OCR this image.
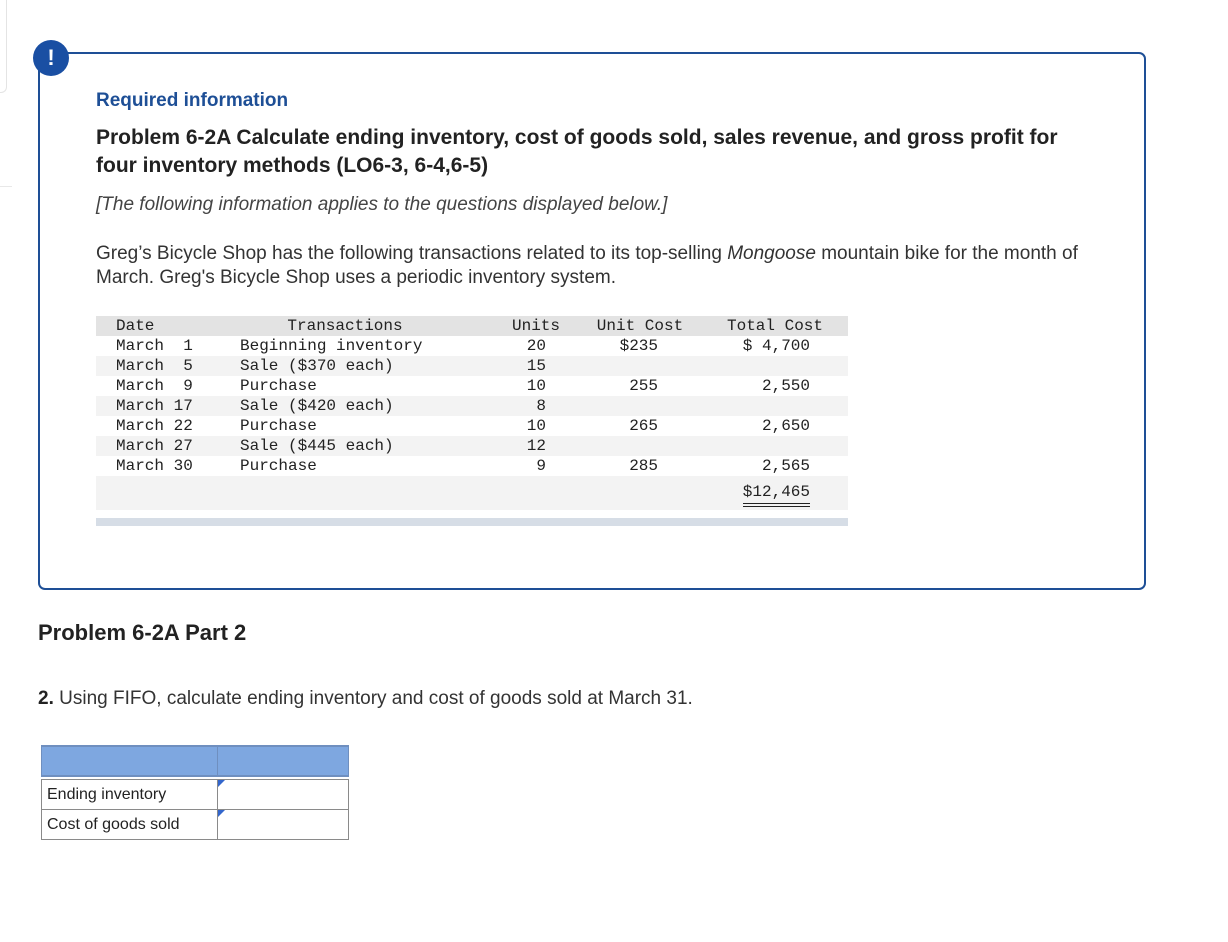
!
Required information
Problem 6-2A Calculate ending inventory, cost of goods sold, sales revenue, and gross profit for four inventory methods (LO6-3, 6-4,6-5)
[The following information applies to the questions displayed below.]
Greg’s Bicycle Shop has the following transactions related to its top-selling Mongoose mountain bike for the month of March. Greg's Bicycle Shop uses a periodic inventory system.
Date	Transactions	Units	Unit Cost	Total Cost
March  1	Beginning inventory	20	$235	$ 4,700
March  5	Sale ($370 each)	15
March  9	Purchase	10	255	2,550
March 17	Sale ($420 each)	8
March 22	Purchase	10	265	2,650
March 27	Sale ($445 each)	12
March 30	Purchase	9	285	2,565
$12,465
Problem 6-2A Part 2
2. Using FIFO, calculate ending inventory and cost of goods sold at March 31.

Ending inventory	

Cost of goods sold	
